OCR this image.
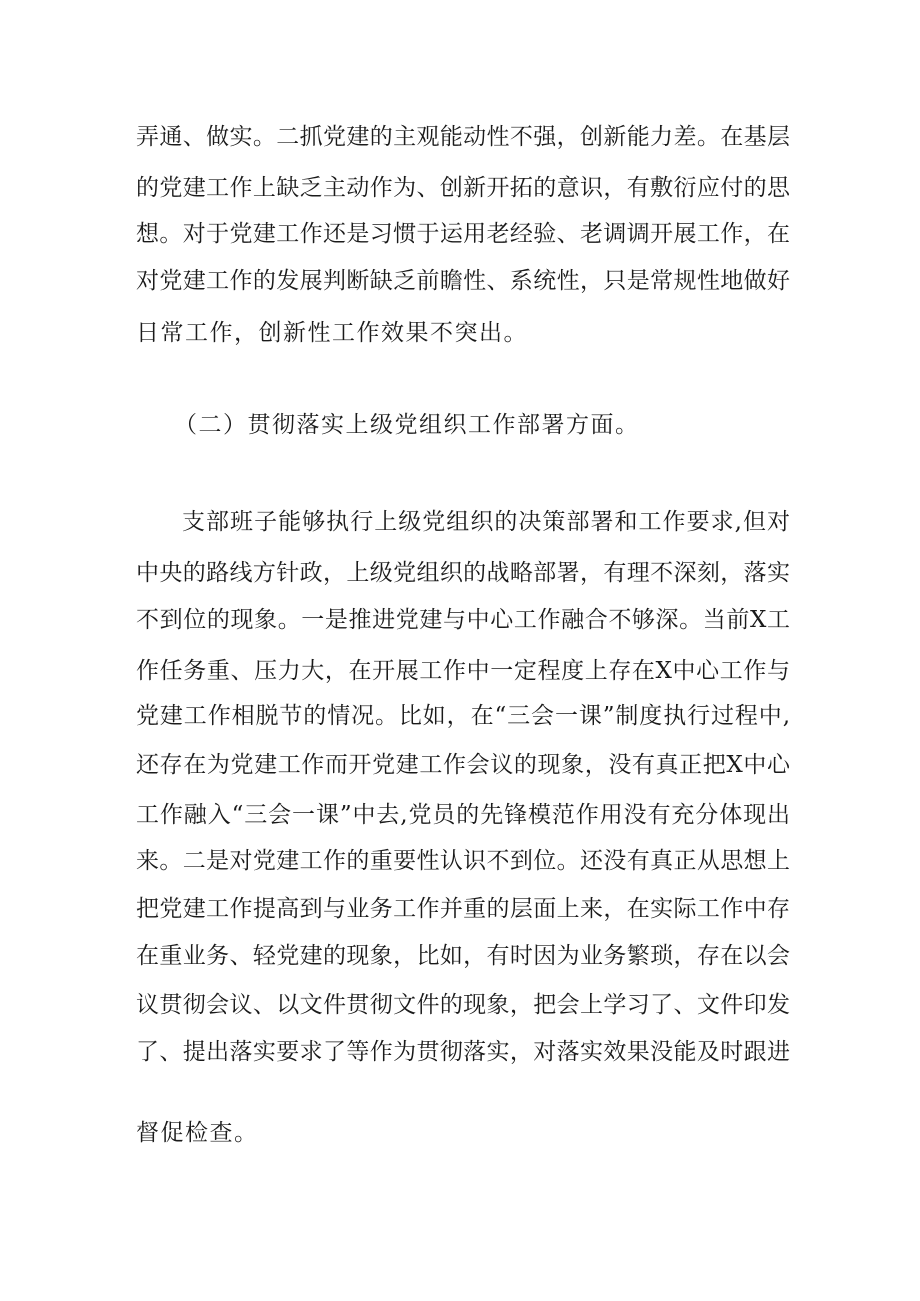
弄通、做实。二抓党建的主观能动性不强，创新能力差。在基层
的党建工作上缺乏主动作为、创新开拓的意识，有敷衍应付的思
想。对于党建工作还是习惯于运用老经验、老调调开展工作，在
对党建工作的发展判断缺乏前瞻性、系统性，只是常规性地做好
日常工作，创新性工作效果不突出。
（二）贯彻落实上级党组织工作部署方面。
支部班子能够执行上级党组织的决策部署和工作要求,但对
中央的路线方针政，上级党组织的战略部署，有理不深刻，落实
不到位的现象。一是推进党建与中心工作融合不够深。当前X工
作任务重、压力大，在开展工作中一定程度上存在X中心工作与
党建工作相脱节的情况。比如，在“三会一课”制度执行过程中,
还存在为党建工作而开党建工作会议的现象，没有真正把X中心
工作融入“三会一课”中去,党员的先锋模范作用没有充分体现出
来。二是对党建工作的重要性认识不到位。还没有真正从思想上
把党建工作提高到与业务工作并重的层面上来，在实际工作中存
在重业务、轻党建的现象，比如，有时因为业务繁琐，存在以会
议贯彻会议、以文件贯彻文件的现象，把会上学习了、文件印发
了、提出落实要求了等作为贯彻落实，对落实效果没能及时跟进
督促检查。
